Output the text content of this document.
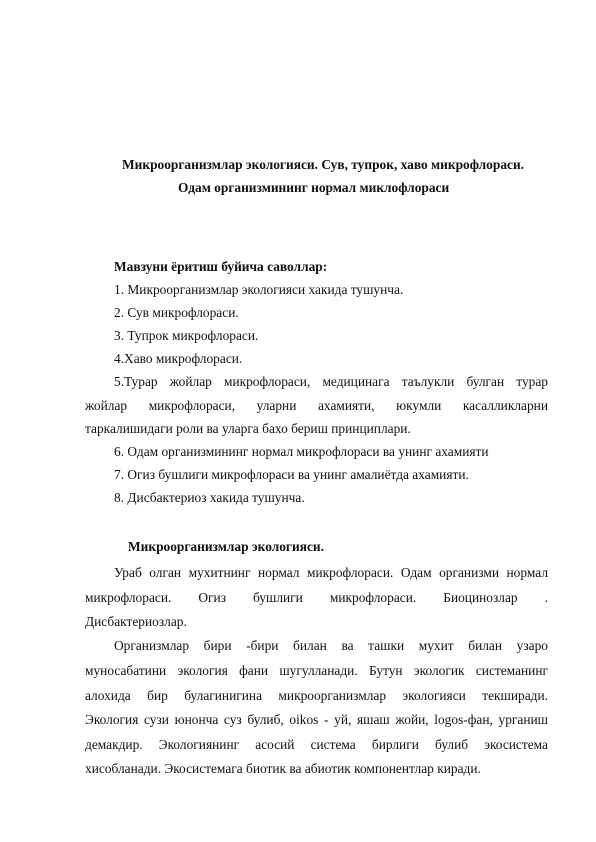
Микроорганизмлар экологияси. Сув, тупрок, хаво микрофлораси.
Одам организмининг нормал миклофлораси
Мавзуни ёритиш буйича саволлар:
1. Микроорганизмлар экологияси хакида тушунча.
2. Сув микрофлораси.
3. Тупрок микрофлораси.
4.Хаво микрофлораси.
5.Турар жойлар микрофлораси, медицинага таълукли булган турар
жойлар микрофлораси, уларни ахамияти, юкумли касалликларни
таркалишидаги роли ва уларга бахо бериш принциплари.
6. Одам организмининг нормал микрофлораси ва унинг ахамияти
7. Огиз бушлиги микрофлораси ва унинг амалиётда ахамияти.
8. Дисбактериоз хакида тушунча.
Микроорганизмлар экологияси.
Ураб олган мухитнинг нормал микрофлораси. Одам организми нормал
микрофлораси. Огиз бушлиги микрофлораси. Биоцинозлар .
Дисбактериозлар.
Организмлар бири -бири билан ва ташки мухит билан узаро
муносабатини экология фани шугулланади. Бутун экологик системанинг
алохида бир булагинигина микроорганизмлар экологияси текширади.
Экология сузи юнонча суз булиб, oikos - уй, яшаш жойи, logos-фан, урганиш
демакдир. Экологиянинг асосий система бирлиги булиб экосистема
хисобланади. Экосистемага биотик ва абиотик компонентлар киради.
